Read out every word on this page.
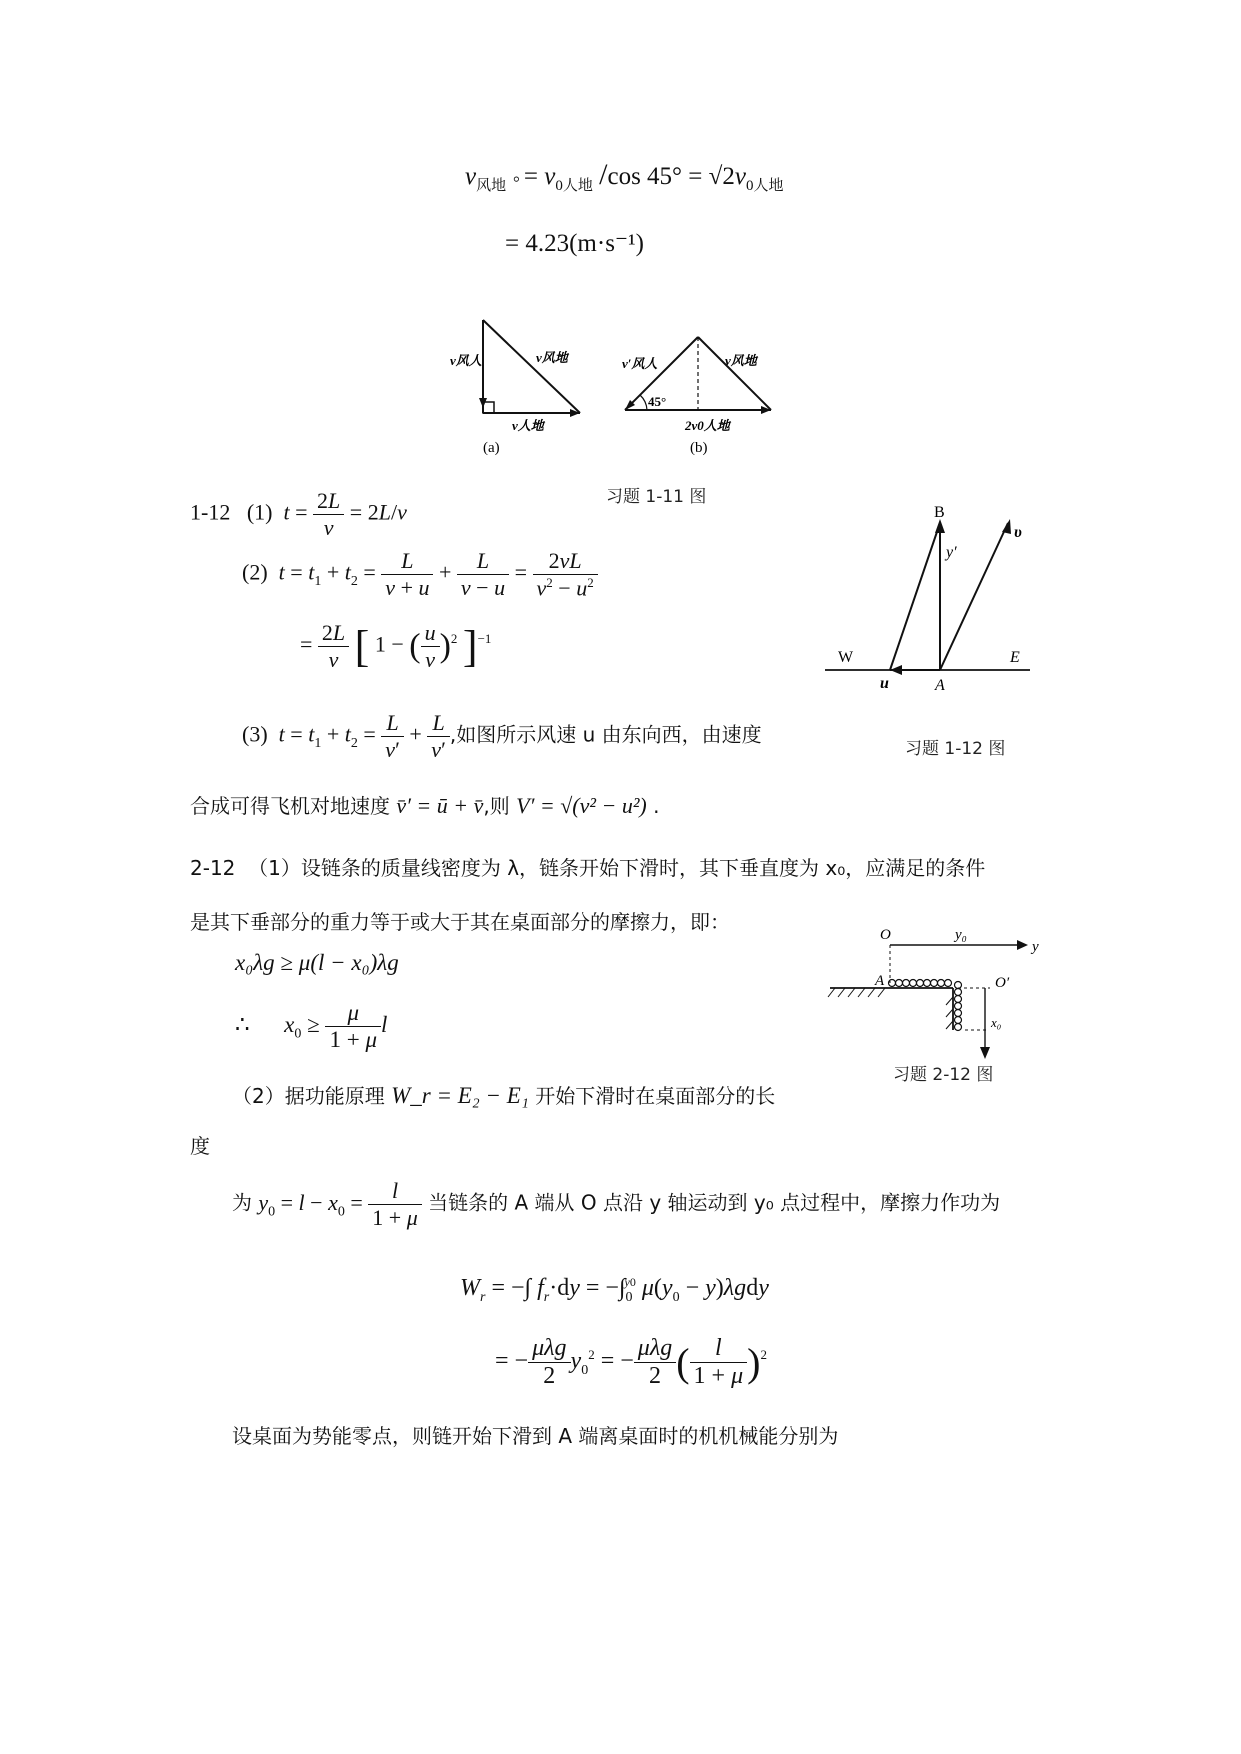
$v_{风地}$ ⸰ = $v_{0人地}$ /cos $45^\circ = √2v_{0人地}$
= 4.23(m·s⁻¹)
v风人	v风地
v人地
(a)
v′风人	v风地
45°
2v0人地
(b)
习题 1-11 图
1-12 (1) $t = \frac{2L}{v} = 2L/v$
(2) $t = t_1 + t_2 = \frac{L}{v + u} + \frac{L}{v - u} = \frac{2vL}{v^2 - u^2}$
= $\frac{2L}{v}$ [ 1 − ( $\frac{u}{v} )^2$ ]$^{-1}$
(3) $t = t_1 + t_2 = \frac{L}{v'} + \frac{L}{v'}$ ,如图所示风速 u 由东向西，由速度
合成可得飞机对地速度 v̄′ = ū + v̄,则 V′ = √(v² − u²) .
B
y′
υ
W	E
u	A
习题 1-12 图
2-12 （1）设链条的质量线密度为 λ，链条开始下滑时，其下垂直度为 x₀，应满足的条件
是其下垂部分的重力等于或大于其在桌面部分的摩擦力，即：
x₀λg ≥ μ(l − x₀)λg
∴ $x_0 \ge \frac{\mu}{1 + \mu}$ l
O	y₀
y
A	O′
x₀
习题 2-12 图
（2）据功能原理 W_r = E₂ − E₁ 开始下滑时在桌面部分的长
度
为 $y_0 = l - x_0 = \frac{l}{1 + \mu}$ 当链条的 A 端从 O 点沿 y 轴运动到 y₀ 点过程中，摩擦力作功为
$W_r$ = −∫ $f_r\cdot dy = -\int_0^{y0}$ $\mu(y_0 - y)\lambda gdy$
= − $\frac{\text{μλg}}{2} y_0^2$ = − $\frac{\text{μλg}}{2}$ ( $\frac{l}{1 + \mu} )^2$
设桌面为势能零点，则链开始下滑到 A 端离桌面时的机机械能分别为
